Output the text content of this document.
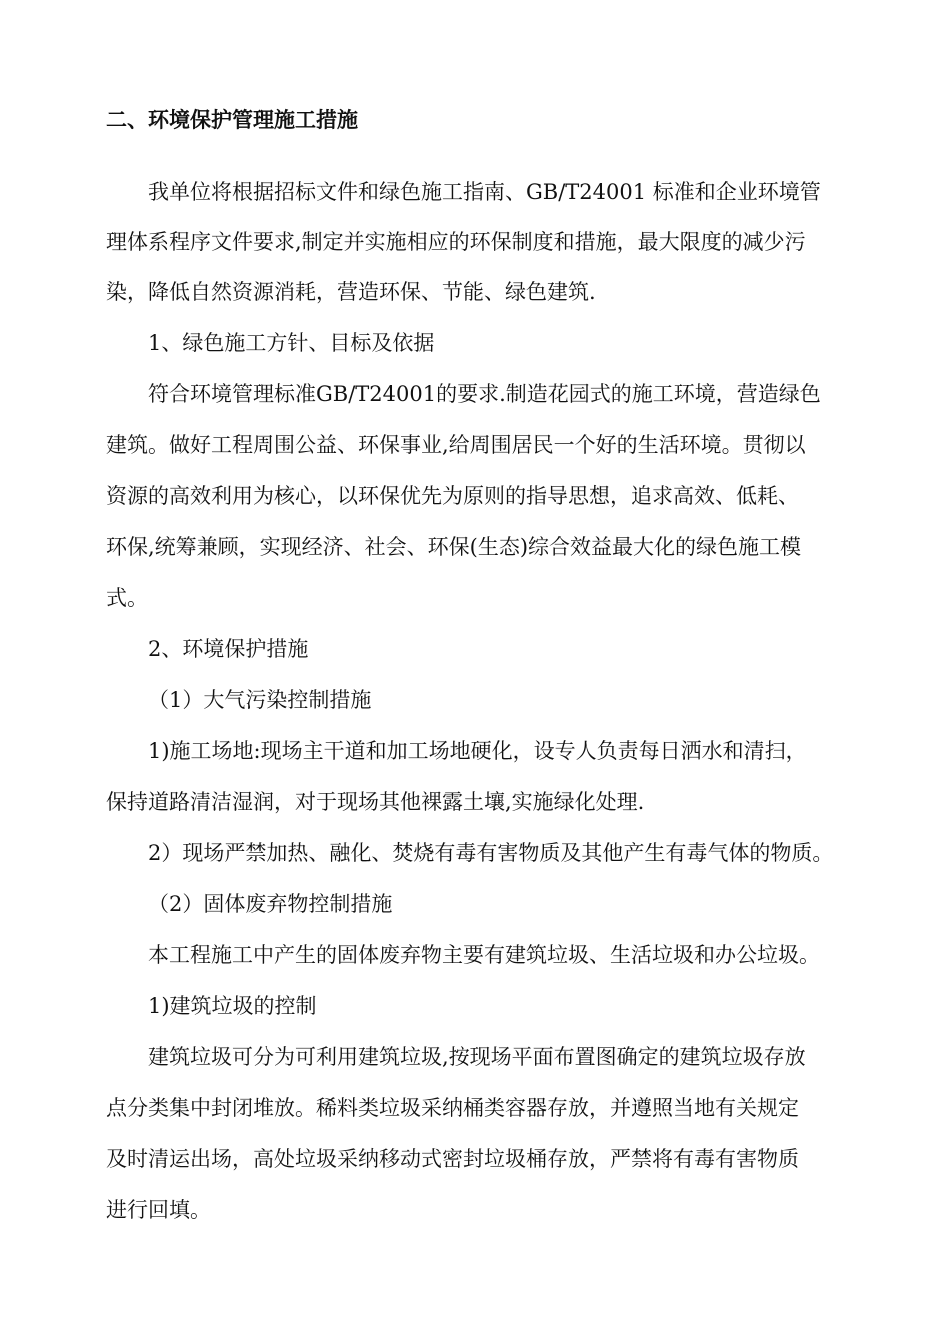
二、环境保护管理施工措施
我单位将根据招标文件和绿色施工指南、GB/T24001 标准和企业环境管
理体系程序文件要求,制定并实施相应的环保制度和措施，最大限度的减少污
染，降低自然资源消耗，营造环保、节能、绿色建筑.
1、绿色施工方针、目标及依据
符合环境管理标准GB/T24001的要求.制造花园式的施工环境，营造绿色
建筑。做好工程周围公益、环保事业,给周围居民一个好的生活环境。贯彻以
资源的高效利用为核心，以环保优先为原则的指导思想，追求高效、低耗、
环保,统筹兼顾，实现经济、社会、环保(生态)综合效益最大化的绿色施工模
式。
2、环境保护措施
（1）大气污染控制措施
1)施工场地:现场主干道和加工场地硬化，设专人负责每日洒水和清扫，
保持道路清洁湿润，对于现场其他裸露土壤,实施绿化处理.
2）现场严禁加热、融化、焚烧有毒有害物质及其他产生有毒气体的物质。
（2）固体废弃物控制措施
本工程施工中产生的固体废弃物主要有建筑垃圾、生活垃圾和办公垃圾。
1)建筑垃圾的控制
建筑垃圾可分为可利用建筑垃圾,按现场平面布置图确定的建筑垃圾存放
点分类集中封闭堆放。稀料类垃圾采纳桶类容器存放，并遵照当地有关规定
及时清运出场，高处垃圾采纳移动式密封垃圾桶存放，严禁将有毒有害物质
进行回填。
